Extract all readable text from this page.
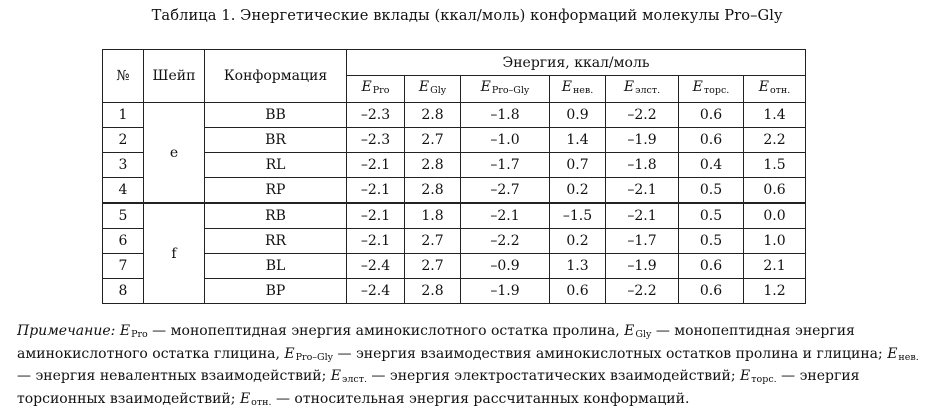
Таблица 1. Энергетические вклады (ккал/моль) конформаций молекулы Pro–Gly
№	Шейп	Конформация	Энергия, ккал/моль						
			EPro	EGly	EPro–Gly	Eнев.	Eэлст.	Eторс.	Eотн.
1	e	BB	–2.3	2.8	–1.8	0.9	–2.2	0.6	1.4
2		BR	–2.3	2.7	–1.0	1.4	–1.9	0.6	2.2
3		RL	–2.1	2.8	–1.7	0.7	–1.8	0.4	1.5
4		RP	–2.1	2.8	–2.7	0.2	–2.1	0.5	0.6
5	f	RB	–2.1	1.8	–2.1	–1.5	–2.1	0.5	0.0
6		RR	–2.1	2.7	–2.2	0.2	–1.7	0.5	1.0
7		BL	–2.4	2.7	–0.9	1.3	–1.9	0.6	2.1
8		BP	–2.4	2.8	–1.9	0.6	–2.2	0.6	1.2
Примечание: EPro — монопептидная энергия аминокислотного остатка пролина, EGly — монопептидная энергия аминокислотного остатка глицина, EPro–Gly — энергия взаимодествия аминокислотных остатков пролина и глицина; Eнев. — энергия невалентных взаимодействий; Eэлст. — энергия электростатических взаимодействий; Eторс. — энергия торсионных взаимодействий; Eотн. — относительная энергия рассчитанных конформаций.
